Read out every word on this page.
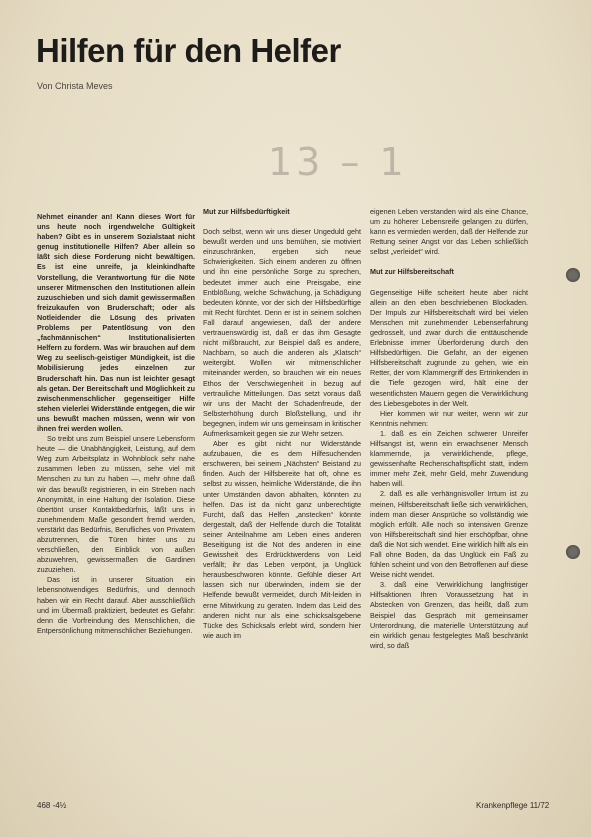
Hilfen für den Helfer
Von Christa Meves
13 – 1

Nehmet einander an! Kann dieses Wort für uns heute noch irgendwelche Gültigkeit haben? Gibt es in unserem Sozialstaat nicht genug institutionelle Hilfen? Aber allein so läßt sich diese Forderung nicht bewältigen. Es ist eine unreife, ja kleinkindhafte Vorstellung, die Verantwortung für die Nöte unserer Mitmenschen den Institutionen allein zuzuschieben und sich damit gewissermaßen freizukaufen von Bruderschaft; oder als Notleidender die Lösung des privaten Problems per Patentlösung von den „fachmännischen“ Institutionalisierten Helfern zu fordern. Was wir brauchen auf dem Weg zu seelisch-geistiger Mündigkeit, ist die Mobilisierung jedes einzelnen zur Bruderschaft hin. Das nun ist leichter gesagt als getan. Der Bereitschaft und Möglichkeit zu zwischenmenschlicher gegenseitiger Hilfe stehen vielerlei Widerstände entgegen, die wir uns bewußt machen müssen, wenn wir von ihnen frei werden wollen.

So treibt uns zum Beispiel unsere Lebensform heute — die Unabhängigkeit, Leistung, auf dem Weg zum Arbeitsplatz in Wohnblock sehr nahe zusammen leben zu müssen, sehe viel mit Menschen zu tun zu haben —, mehr ohne daß wir das bewußt registrieren, in ein Streben nach Anonymität, in eine Haltung der Isolation. Diese übertönt unser Kontaktbedürfnis, läßt uns in zunehmendem Maße gesondert fremd werden, verstärkt das Bedürfnis, Berufliches von Privatem abzutrennen, die Türen hinter uns zu verschließen, den Einblick von außen abzuwehren, gewissermaßen die Gardinen zuzuziehen.

Das ist in unserer Situation ein lebensnotwendiges Bedürfnis, und dennoch haben wir ein Recht darauf. Aber ausschließlich und im Übermaß praktiziert, bedeutet es Gefahr: denn die Vorfreindung des Menschlichen, die Entpersönlichung mitmenschlicher Beziehungen.

Mut zur Hilfsbedürftigkeit

Doch selbst, wenn wir uns dieser Ungeduld geht bewußt werden und uns bemühen, sie motiviert einzuschränken, ergeben sich neue Schwierigkeiten. Sich einem anderen zu öffnen und ihn eine persönliche Sorge zu sprechen, bedeutet immer auch eine Preisgabe, eine Entblößung, welche Schwächung, ja Schädigung bedeuten könnte, vor der sich der Hilfsbedürftige mit Recht fürchtet. Denn er ist in seinem solchen Fall darauf angewiesen, daß der andere vertrauenswürdig ist, daß er das ihm Gesagte nicht mißbraucht, zur Beispiel daß es andere, Nachbarn, so auch die anderen als „Klatsch“ weitergibt. Wollen wir mitmenschlicher miteinander werden, so brauchen wir ein neues Ethos der Verschwiegenheit in bezug auf vertrauliche Mitteilungen. Das setzt voraus daß wir uns der Macht der Schadenfreude, der Selbsterhöhung durch Bloßstellung, und ihr begegnen, indem wir uns gemeinsam in kritischer Aufmerksamkeit gegen sie zur Wehr setzen.

Aber es gibt nicht nur Widerstände aufzubauen, die es dem Hilfesuchenden erschweren, bei seinem „Nächsten“ Beistand zu finden. Auch der Hilfsbereite hat oft, ohne es selbst zu wissen, heimliche Widerstände, die ihn unter Umständen davon abhalten, könnten zu helfen. Das ist da nicht ganz unberechtigte Furcht, daß das Helfen „anstecken“ könnte dergestalt, daß der Helfende durch die Totalität seiner Anteilnahme am Leben eines anderen Beseitigung ist die Not des anderen in eine Gewissheit des Erdrücktwerdens von Leid verfällt; ihr das Leben verpönt, ja Unglück herausbeschworen könnte. Gefühle dieser Art lassen sich nur überwinden, indem sie der Helfende bewußt vermeidet, durch Mit-leiden in erne Mitwirkung zu geraten. Indem das Leid des anderen nicht nur als eine schicksalsgebene Tücke des Schicksals erlebt wird, sondern hier wie auch im

eigenen Leben verstanden wird als eine Chance, um zu höherer Lebensreife gelangen zu dürfen, kann es vermieden werden, daß der Helfende zur Rettung seiner Angst vor das Leben schließlich selbst „verleidet“ wird.

Mut zur Hilfsbereitschaft

Gegenseitige Hilfe scheitert heute aber nicht allein an den eben beschriebenen Blockaden. Der Impuls zur Hilfsbereitschaft wird bei vielen Menschen mit zunehmender Lebenserfahrung gedrosselt, und zwar durch die enttäuschende Erlebnisse immer Überforderung durch den Hilfsbedürftigen. Die Gefahr, an der eigenen Hilfsbereitschaft zugrunde zu gehen, wie ein Retter, der vom Klammergriff des Ertrinkenden in die Tiefe gezogen wird, hält eine der wesentlichsten Mauern gegen die Verwirklichung des Liebesgebotes in der Welt.

Hier kommen wir nur weiter, wenn wir zur Kenntnis nehmen:

1. daß es ein Zeichen schwerer Unreifer Hilfsangst ist, wenn ein erwachsener Mensch klammernde, ja verwirklichende, pflege, gewissenhafte Rechenschaftspflicht statt, indem immer mehr Zeit, mehr Geld, mehr Zuwendung haben will.

2. daß es alle verhängnisvoller Irrtum ist zu meinen, Hilfsbereitschaft ließe sich verwirklichen, indem man dieser Ansprüche so vollständig wie möglich erfüllt. Alle noch so intensiven Grenze von Hilfsbereitschaft sind hier erschöpfbar, ohne daß die Not sich wendet. Eine wirklich hilft als ein Fall ohne Boden, da das Unglück ein Faß zu fühlen scheint und von den Betroffenen auf diese Weise nicht wendet.

3. daß eine Verwirklichung langfristiger Hilfsaktionen Ihren Voraussetzung hat in Abstecken von Grenzen, das heißt, daß zum Beispiel das Gespräch mit gemeinsamer Unterordnung, die materielle Unterstützung auf ein wirklich genau festgelegtes Maß beschränkt wird, so daß

468 -4½	Krankenpflege 11/72
